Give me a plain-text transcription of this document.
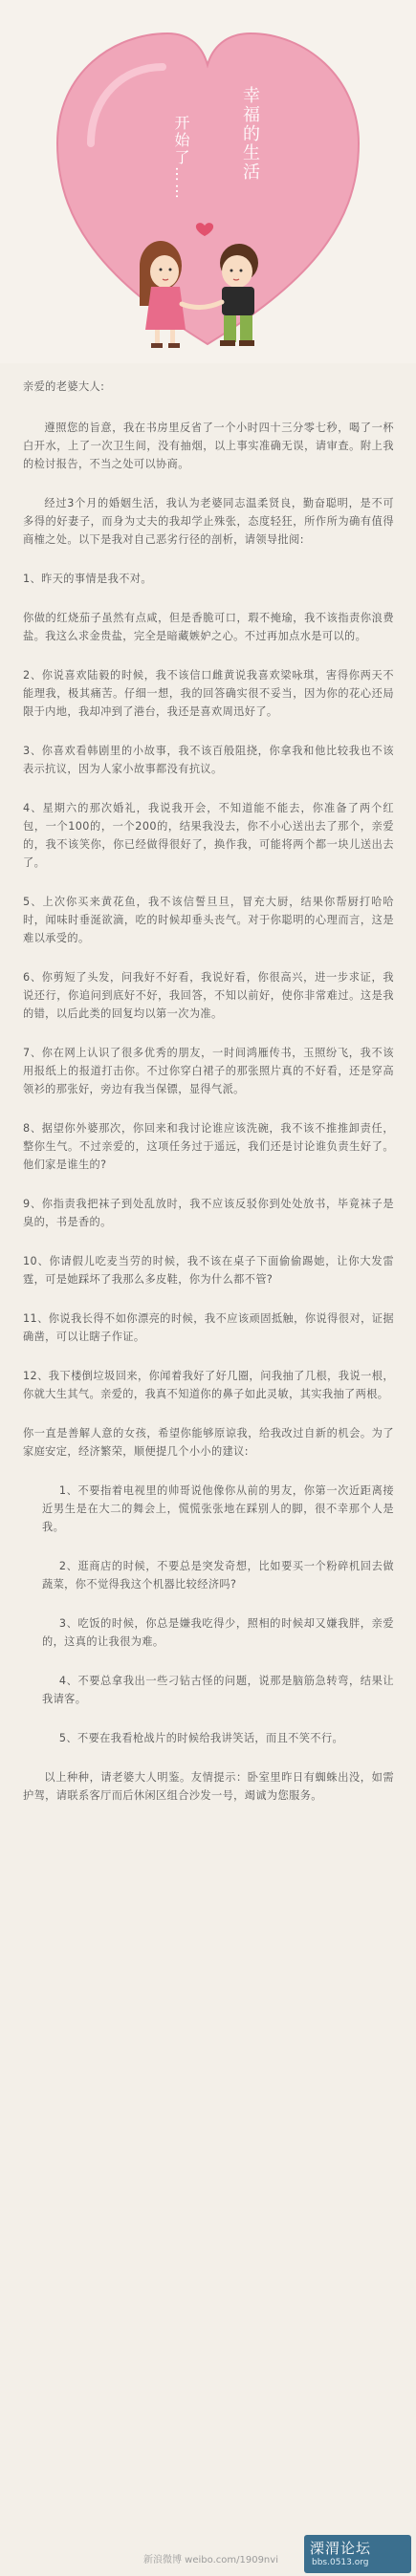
幸福的生活
开始了……

亲爱的老婆大人:

遵照您的旨意，我在书房里反省了一个小时四十三分零七秒，喝了一杯白开水，上了一次卫生间，没有抽烟，以上事实准确无误，请审查。附上我的检讨报告，不当之处可以协商。

经过3个月的婚姻生活，我认为老婆同志温柔贤良，勤奋聪明，是不可多得的好妻子，而身为丈夫的我却学止殊张，态度轻狂，所作所为确有值得商榷之处。以下是我对自己恶劣行径的剖析，请领导批阅:

1、昨天的事情是我不对。

你做的红烧茄子虽然有点咸，但是香脆可口，瑕不掩瑜，我不该指责你浪费盐。我这么求金贵盐，完全是暗藏嫉妒之心。不过再加点水是可以的。

2、你说喜欢陆毅的时候，我不该信口雌黄说我喜欢梁咏琪，害得你两天不能理我，极其痛苦。仔细一想，我的回答确实很不妥当，因为你的花心还局限于内地，我却冲到了港台，我还是喜欢周迅好了。

3、你喜欢看韩剧里的小故事，我不该百般阻挠，你拿我和他比较我也不该表示抗议，因为人家小故事都没有抗议。

4、星期六的那次婚礼，我说我开会，不知道能不能去，你准备了两个红包，一个100的，一个200的，结果我没去，你不小心送出去了那个，亲爱的，我不该笑你，你已经做得很好了，换作我，可能将两个都一块儿送出去了。

5、上次你买来黄花鱼，我不该信誓旦旦，冒充大厨，结果你帮厨打哈哈时，闻味时垂涎欲滴，吃的时候却垂头丧气。对于你聪明的心理而言，这是难以承受的。

6、你剪短了头发，问我好不好看，我说好看，你很高兴，进一步求证，我说还行，你追问到底好不好，我回答，不知以前好，使你非常难过。这是我的错，以后此类的回复均以第一次为准。

7、你在网上认识了很多优秀的朋友，一时间鸿雁传书，玉照纷飞，我不该用报纸上的报道打击你。不过你穿白裙子的那张照片真的不好看，还是穿高领衫的那张好，旁边有我当保镖，显得气派。

8、据望你外婆那次，你回来和我讨论谁应该洗碗，我不该不推推卸责任，整你生气。不过亲爱的，这项任务过于遥远，我们还是讨论谁负责生好了。他们家是谁生的?

9、你指责我把袜子到处乱放时，我不应该反驳你到处处放书，毕竟袜子是臭的，书是香的。

10、你请假儿吃麦当劳的时候，我不该在桌子下面偷偷踢她，让你大发雷霆，可是她踩坏了我那么多皮鞋，你为什么都不管?

11、你说我长得不如你漂亮的时候，我不应该顽固抵触，你说得很对，证据确凿，可以让瞎子作证。

12、我下楼倒垃圾回来，你闻着我好了好几圈，问我抽了几根，我说一根，你就大生其气。亲爱的，我真不知道你的鼻子如此灵敏，其实我抽了两根。

你一直是善解人意的女孩，希望你能够原谅我，给我改过自新的机会。为了家庭安定，经济繁荣，顺便提几个小小的建议:

1、不要指着电视里的帅哥说他像你从前的男友，你第一次近距离接近男生是在大二的舞会上，慌慌张张地在踩别人的脚，很不幸那个人是我。

2、逛商店的时候，不要总是突发奇想，比如要买一个粉碎机回去做蔬菜，你不觉得我这个机器比较经济吗?

3、吃饭的时候，你总是嫌我吃得少，照相的时候却又嫌我胖，亲爱的，这真的让我很为难。

4、不要总拿我出一些刁钻古怪的问题，说那是脑筋急转弯，结果让我请客。

5、不要在我看枪战片的时候给我讲笑话，而且不笑不行。

以上种种，请老婆大人明鉴。友情提示：卧室里昨日有蜘蛛出没，如需护驾，请联系客厅而后休闲区组合沙发一号，竭诚为您服务。

新浪微博 weibo.com/1909nvi
溧渭论坛
bbs.0513.org
